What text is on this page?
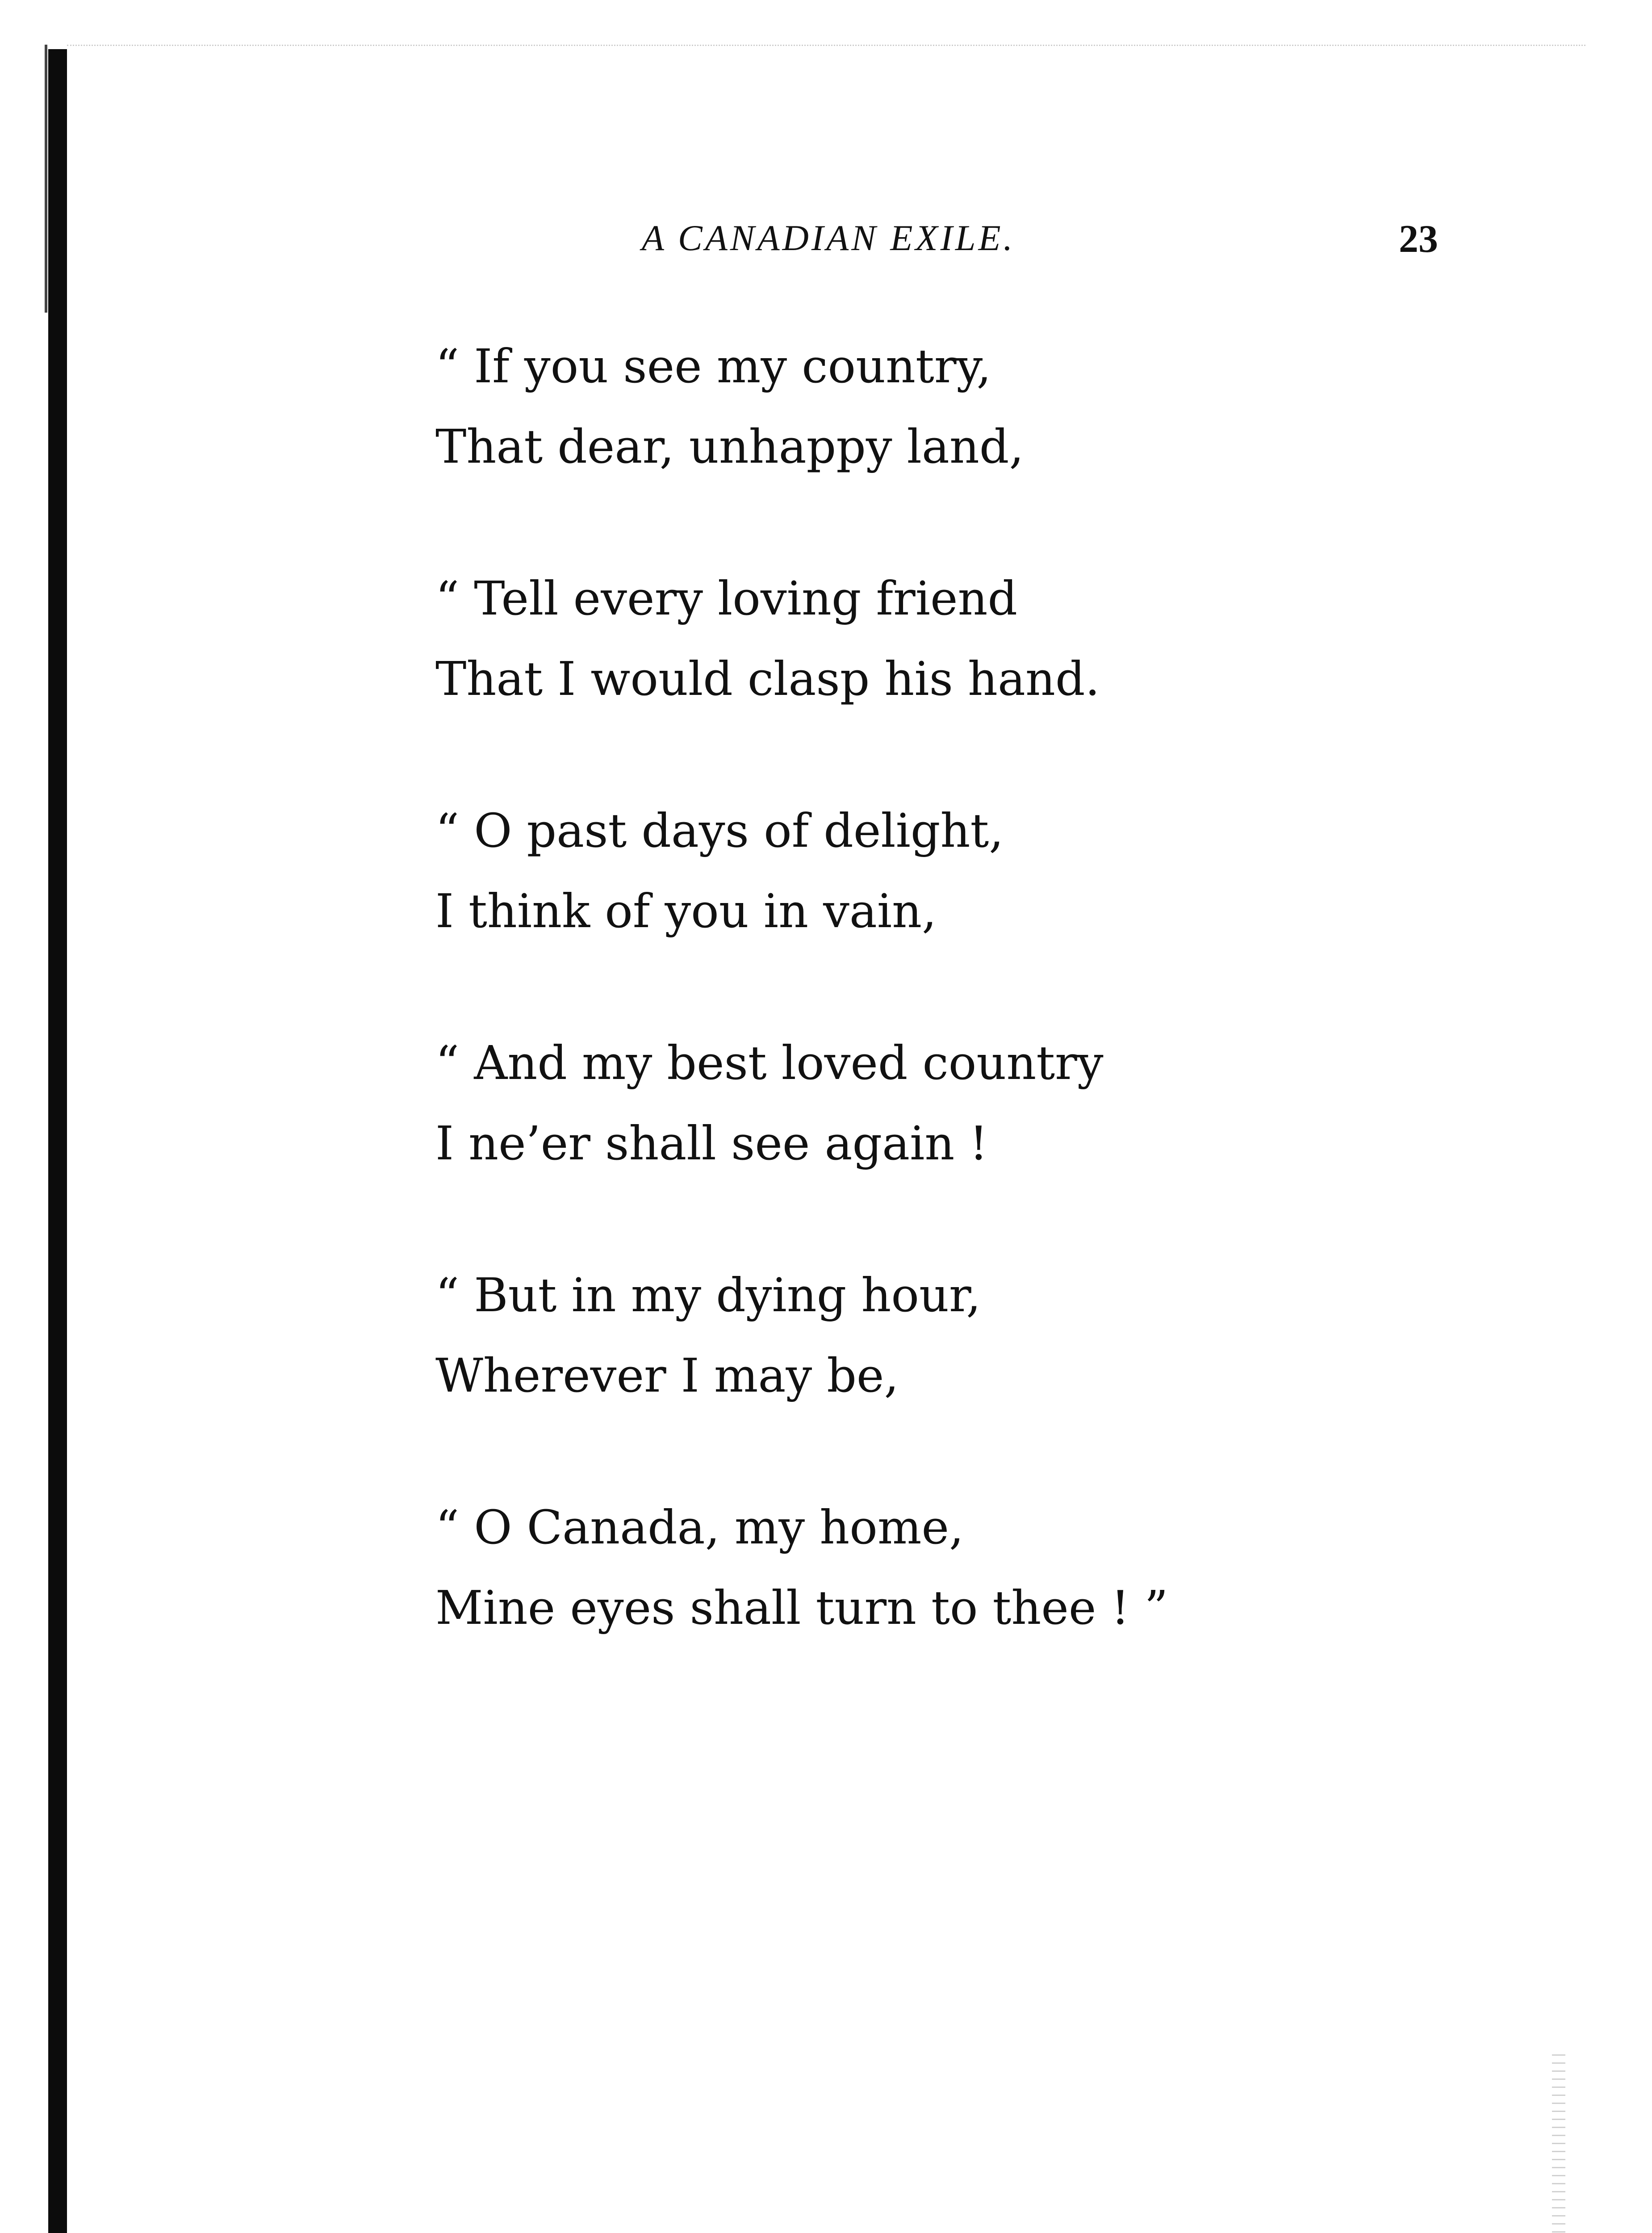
A CANADIAN EXILE.	23
“ If you see my country,
That dear, unhappy land,
“ Tell every loving friend
That I would clasp his hand.
“ O past days of delight,
I think of you in vain,
“ And my best loved country
I ne’er shall see again !
“ But in my dying hour,
Wherever I may be,
“ O Canada, my home,
Mine eyes shall turn to thee ! ”
